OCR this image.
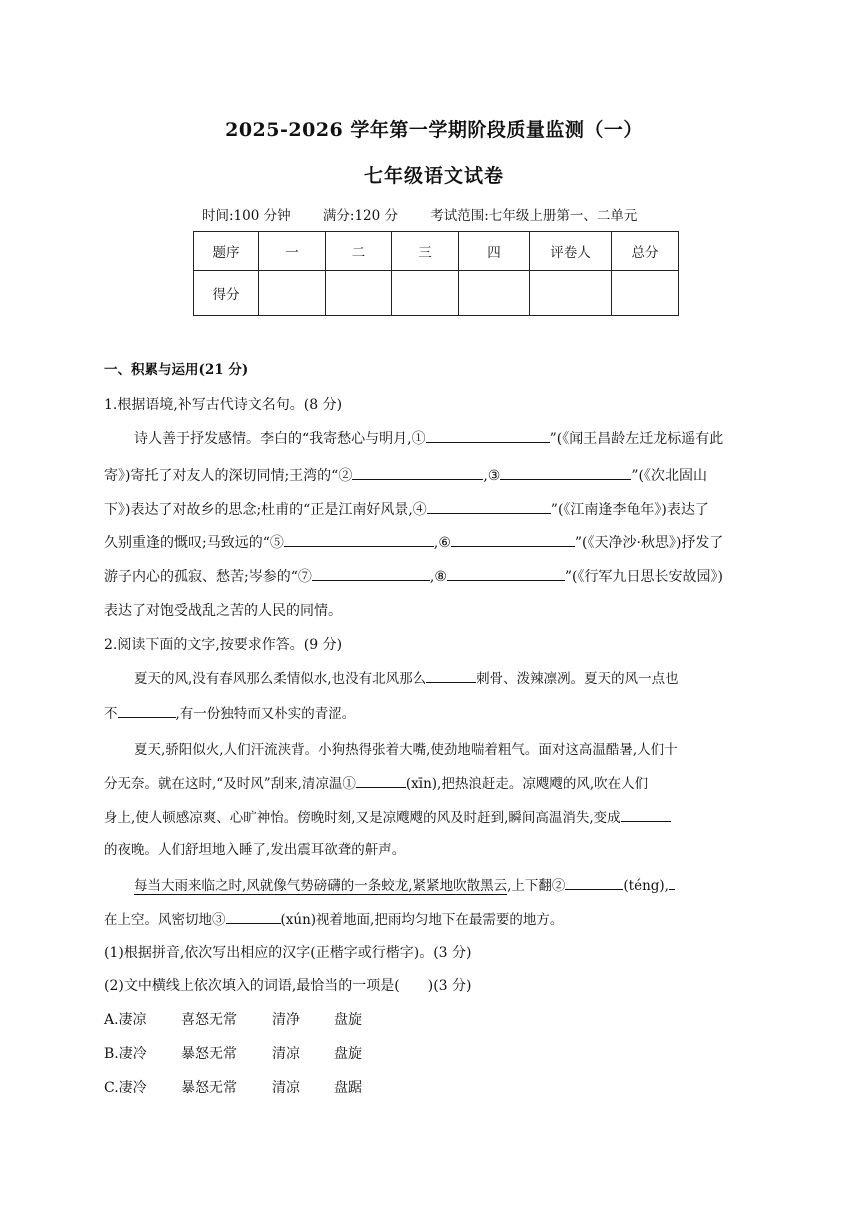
2025-2026 学年第一学期阶段质量监测（一）
七年级语文试卷
时间:100 分钟 满分:120 分 考试范围:七年级上册第一、二单元
题序	一	二	三	四	评卷人	总分
得分						
一、积累与运用(21 分)
1.根据语境,补写古代诗文名句。(8 分)
诗人善于抒发感情。李白的“我寄愁心与明月,①	”(《闻王昌龄左迁龙标遥有此
寄》)寄托了对友人的深切同情;王湾的“②	,③	”(《次北固山
下》)表达了对故乡的思念;杜甫的“正是江南好风景,④	”(《江南逢李龟年》)表达了
久别重逢的慨叹;马致远的“⑤	,⑥	”(《天净沙·秋思》)抒发了
游子内心的孤寂、愁苦;岑参的“⑦	,⑧	”(《行军九日思长安故园》)
表达了对饱受战乱之苦的人民的同情。
2.阅读下面的文字,按要求作答。(9 分)
夏天的风,没有春风那么柔情似水,也没有北风那么	刺骨、泼辣凛冽。夏天的风一点也
不	,有一份独特而又朴实的青涩。
夏天,骄阳似火,人们汗流浃背。小狗热得张着大嘴,使劲地喘着粗气。面对这高温酷暑,人们十
分无奈。就在这时,“及时风”刮来,清凉温①	(xīn),把热浪赶走。凉飕飕的风,吹在人们
身上,使人顿感凉爽、心旷神怡。傍晚时刻,又是凉飕飕的风及时赶到,瞬间高温消失,变成
的夜晚。人们舒坦地入睡了,发出震耳欲聋的鼾声。
每当大雨来临之时,风就像气势磅礴的一条蛟龙,紧紧地吹散黑云,上下翻②	(téng),
在上空。风密切地③	(xún)视着地面,把雨均匀地下在最需要的地方。
(1)根据拼音,依次写出相应的汉字(正楷字或行楷字)。(3 分)
(2)文中横线上依次填入的词语,最恰当的一项是(　　)(3 分)
A.凄凉 喜怒无常	清净 盘旋
B.凄冷 暴怒无常	清凉 盘旋
C.凄冷 暴怒无常	清凉 盘踞
